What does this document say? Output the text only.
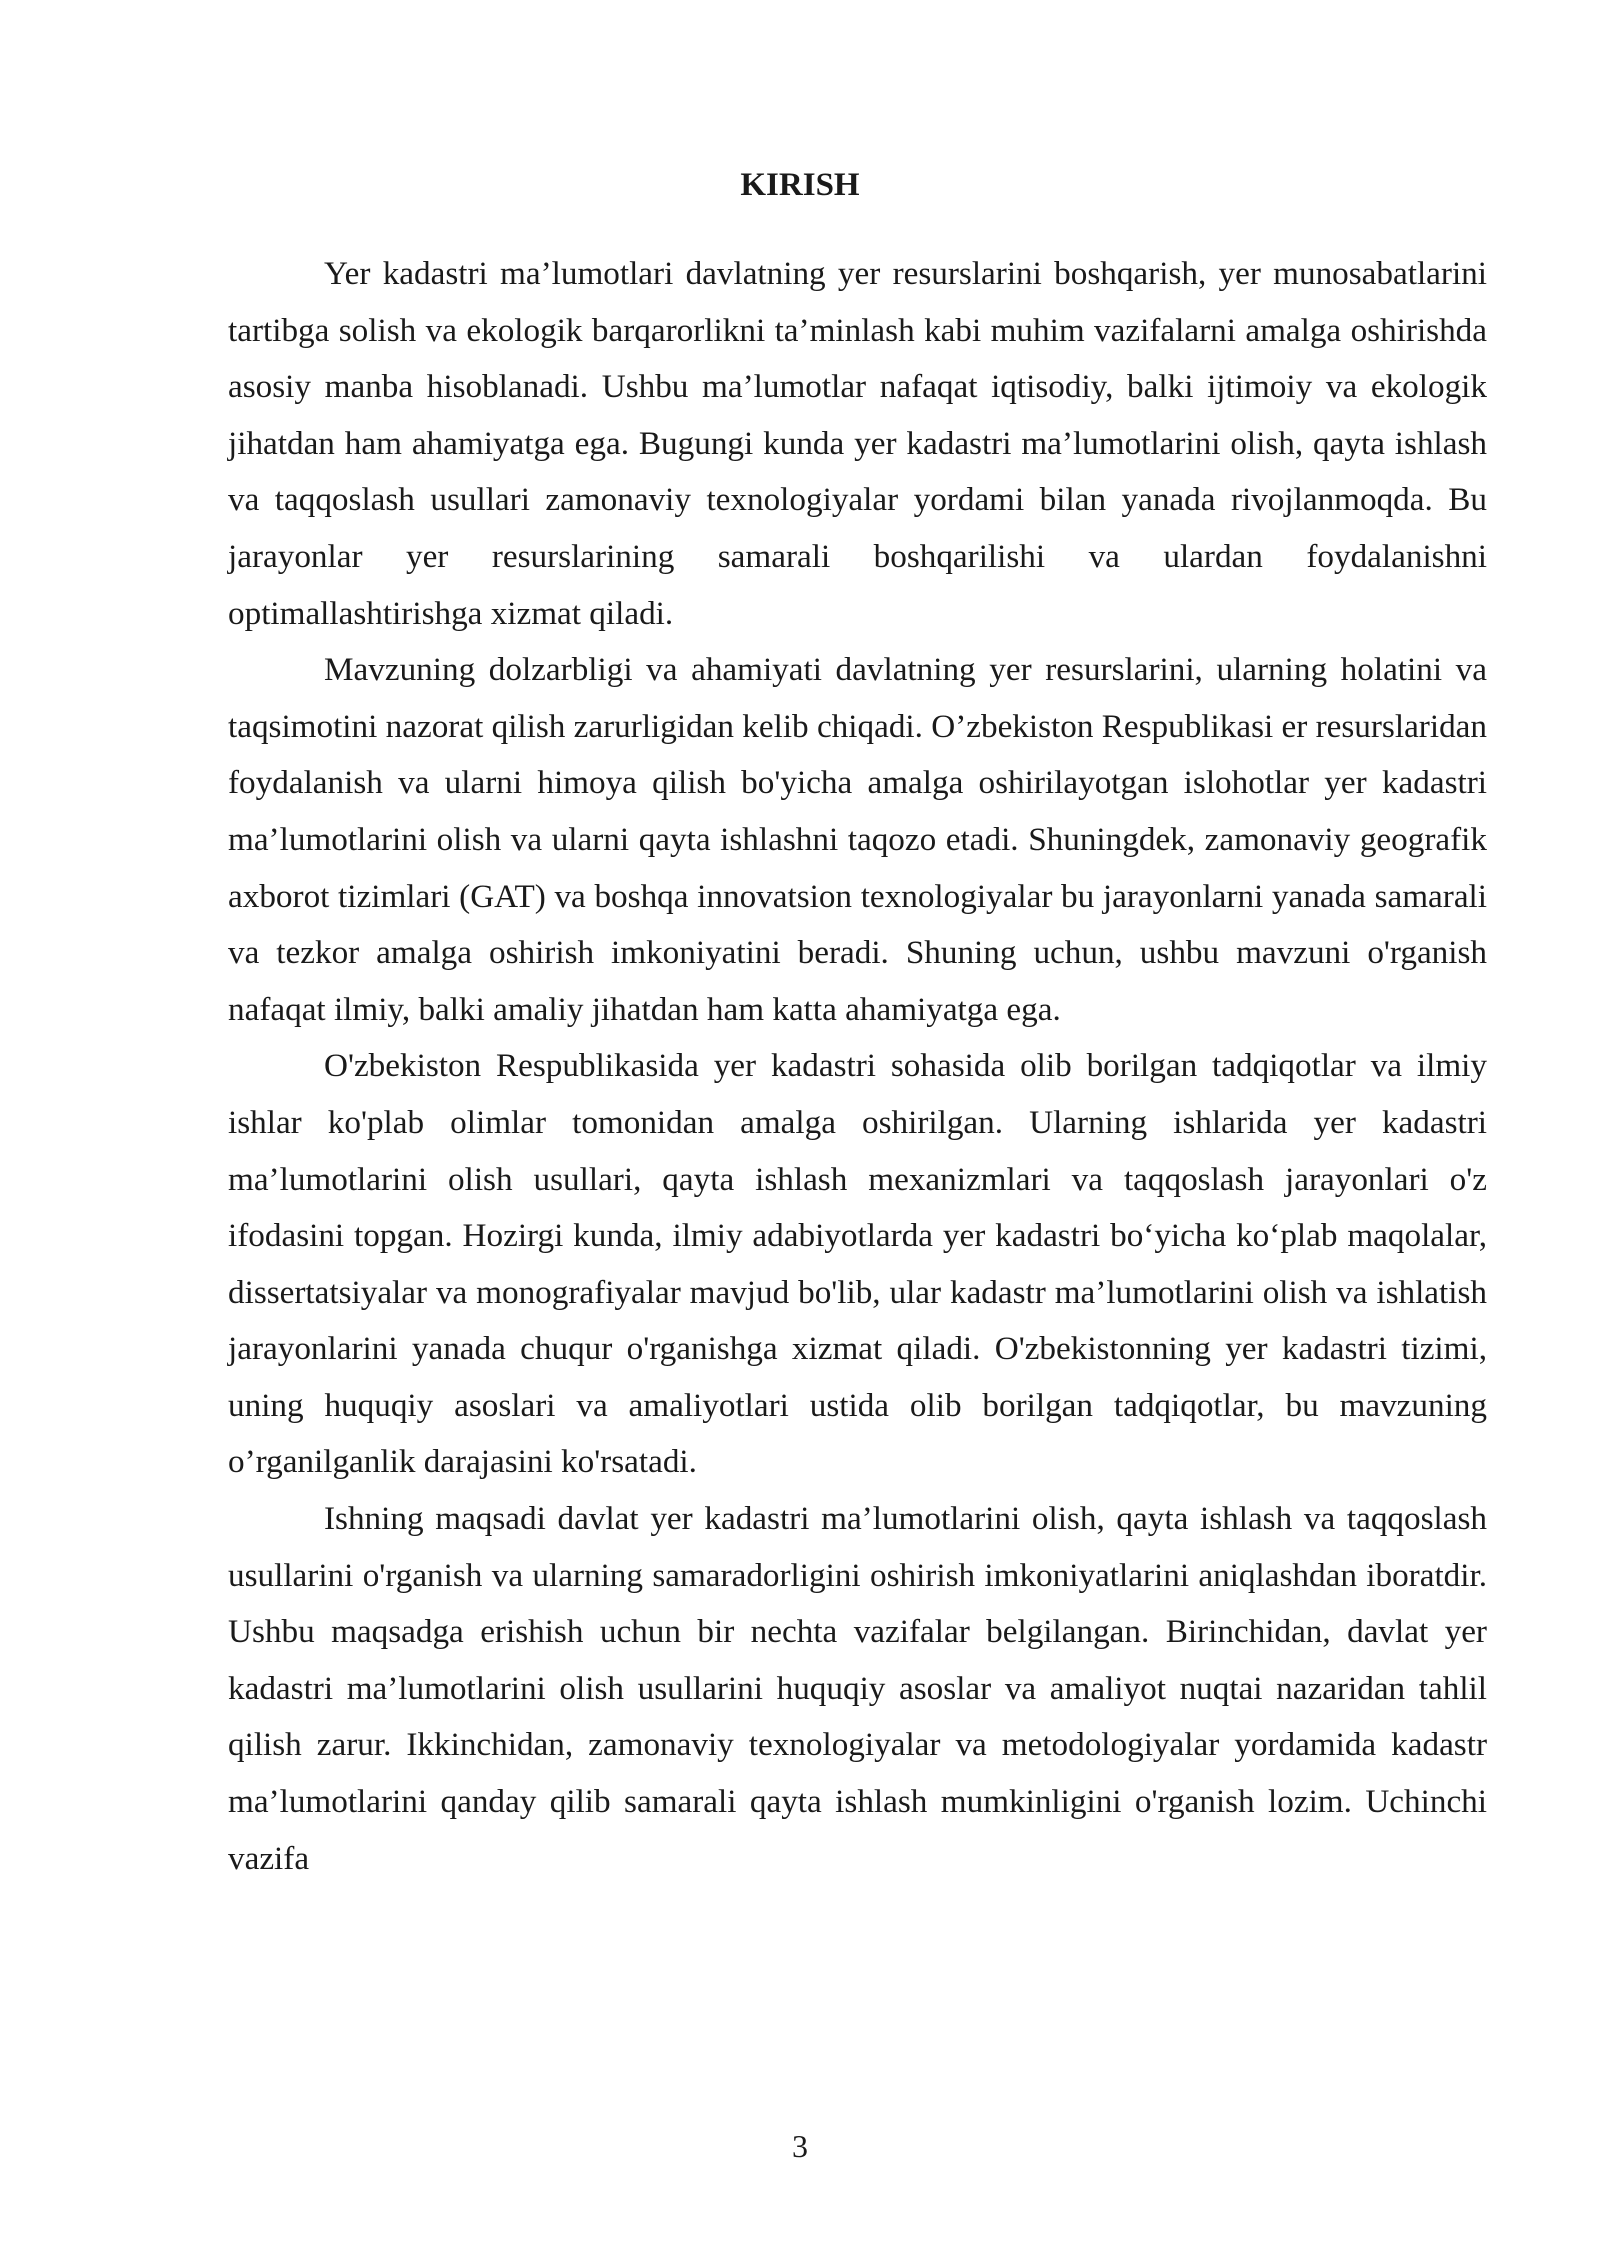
KIRISH

Yer kadastri ma’lumotlari davlatning yer resurslarini boshqarish, yer munosabatlarini tartibga solish va ekologik barqarorlikni ta’minlash kabi muhim vazifalarni amalga oshirishda asosiy manba hisoblanadi. Ushbu ma’lumotlar nafaqat iqtisodiy, balki ijtimoiy va ekologik jihatdan ham ahamiyatga ega. Bugungi kunda yer kadastri ma’lumotlarini olish, qayta ishlash va taqqoslash usullari zamonaviy texnologiyalar yordami bilan yanada rivojlanmoqda. Bu jarayonlar yer resurslarining samarali boshqarilishi va ulardan foydalanishni optimallashtirishga xizmat qiladi.

Mavzuning dolzarbligi va ahamiyati davlatning yer resurslarini, ularning holatini va taqsimotini nazorat qilish zarurligidan kelib chiqadi. O’zbekiston Respublikasi er resurslaridan foydalanish va ularni himoya qilish bo'yicha amalga oshirilayotgan islohotlar yer kadastri ma’lumotlarini olish va ularni qayta ishlashni taqozo etadi. Shuningdek, zamonaviy geografik axborot tizimlari (GAT) va boshqa innovatsion texnologiyalar bu jarayonlarni yanada samarali va tezkor amalga oshirish imkoniyatini beradi. Shuning uchun, ushbu mavzuni o'rganish nafaqat ilmiy, balki amaliy jihatdan ham katta ahamiyatga ega.

O'zbekiston Respublikasida yer kadastri sohasida olib borilgan tadqiqotlar va ilmiy ishlar ko'plab olimlar tomonidan amalga oshirilgan. Ularning ishlarida yer kadastri ma’lumotlarini olish usullari, qayta ishlash mexanizmlari va taqqoslash jarayonlari o'z ifodasini topgan. Hozirgi kunda, ilmiy adabiyotlarda yer kadastri bo‘yicha ko‘plab maqolalar, dissertatsiyalar va monografiyalar mavjud bo'lib, ular kadastr ma’lumotlarini olish va ishlatish jarayonlarini yanada chuqur o'rganishga xizmat qiladi. O'zbekistonning yer kadastri tizimi, uning huquqiy asoslari va amaliyotlari ustida olib borilgan tadqiqotlar, bu mavzuning o’rganilganlik darajasini ko'rsatadi.

Ishning maqsadi davlat yer kadastri ma’lumotlarini olish, qayta ishlash va taqqoslash usullarini o'rganish va ularning samaradorligini oshirish imkoniyatlarini aniqlashdan iboratdir. Ushbu maqsadga erishish uchun bir nechta vazifalar belgilangan. Birinchidan, davlat yer kadastri ma’lumotlarini olish usullarini huquqiy asoslar va amaliyot nuqtai nazaridan tahlil qilish zarur. Ikkinchidan, zamonaviy texnologiyalar va metodologiyalar yordamida kadastr ma’lumotlarini qanday qilib samarali qayta ishlash mumkinligini o'rganish lozim. Uchinchi vazifa

3
